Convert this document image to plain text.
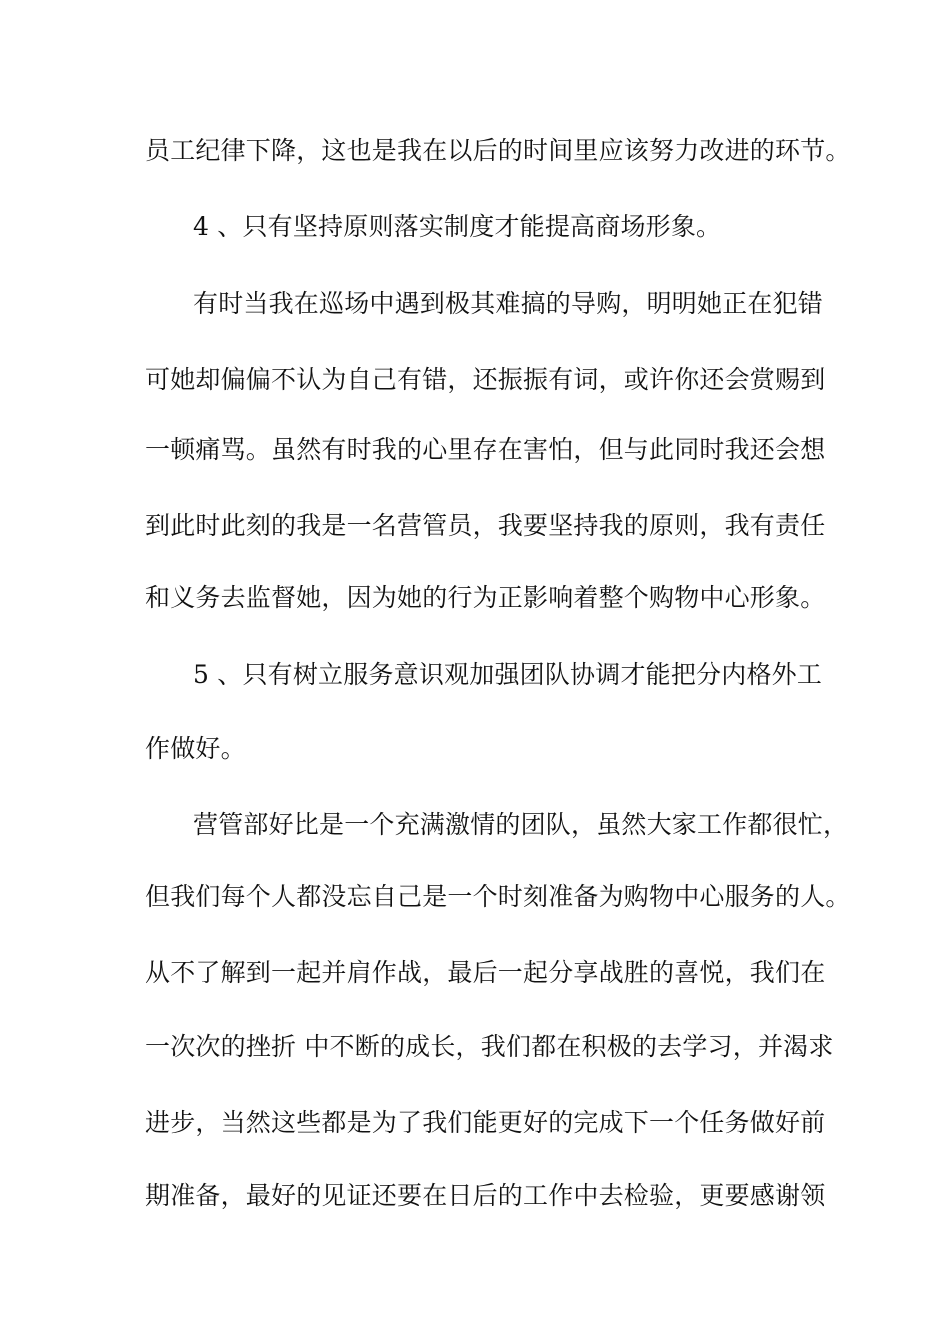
员工纪律下降，这也是我在以后的时间里应该努力改进的环节。
4 、只有坚持原则落实制度才能提高商场形象。
有时当我在巡场中遇到极其难搞的导购，明明她正在犯错
可她却偏偏不认为自己有错，还振振有词，或许你还会赏赐到
一顿痛骂。虽然有时我的心里存在害怕，但与此同时我还会想
到此时此刻的我是一名营管员，我要坚持我的原则，我有责任
和义务去监督她，因为她的行为正影响着整个购物中心形象。
5 、只有树立服务意识观加强团队协调才能把分内格外工
作做好。
营管部好比是一个充满激情的团队，虽然大家工作都很忙，
但我们每个人都没忘自己是一个时刻准备为购物中心服务的人。
从不了解到一起并肩作战，最后一起分享战胜的喜悦，我们在
一次次的挫折 中不断的成长，我们都在积极的去学习，并渴求
进步，当然这些都是为了我们能更好的完成下一个任务做好前
期准备，最好的见证还要在日后的工作中去检验，更要感谢领
